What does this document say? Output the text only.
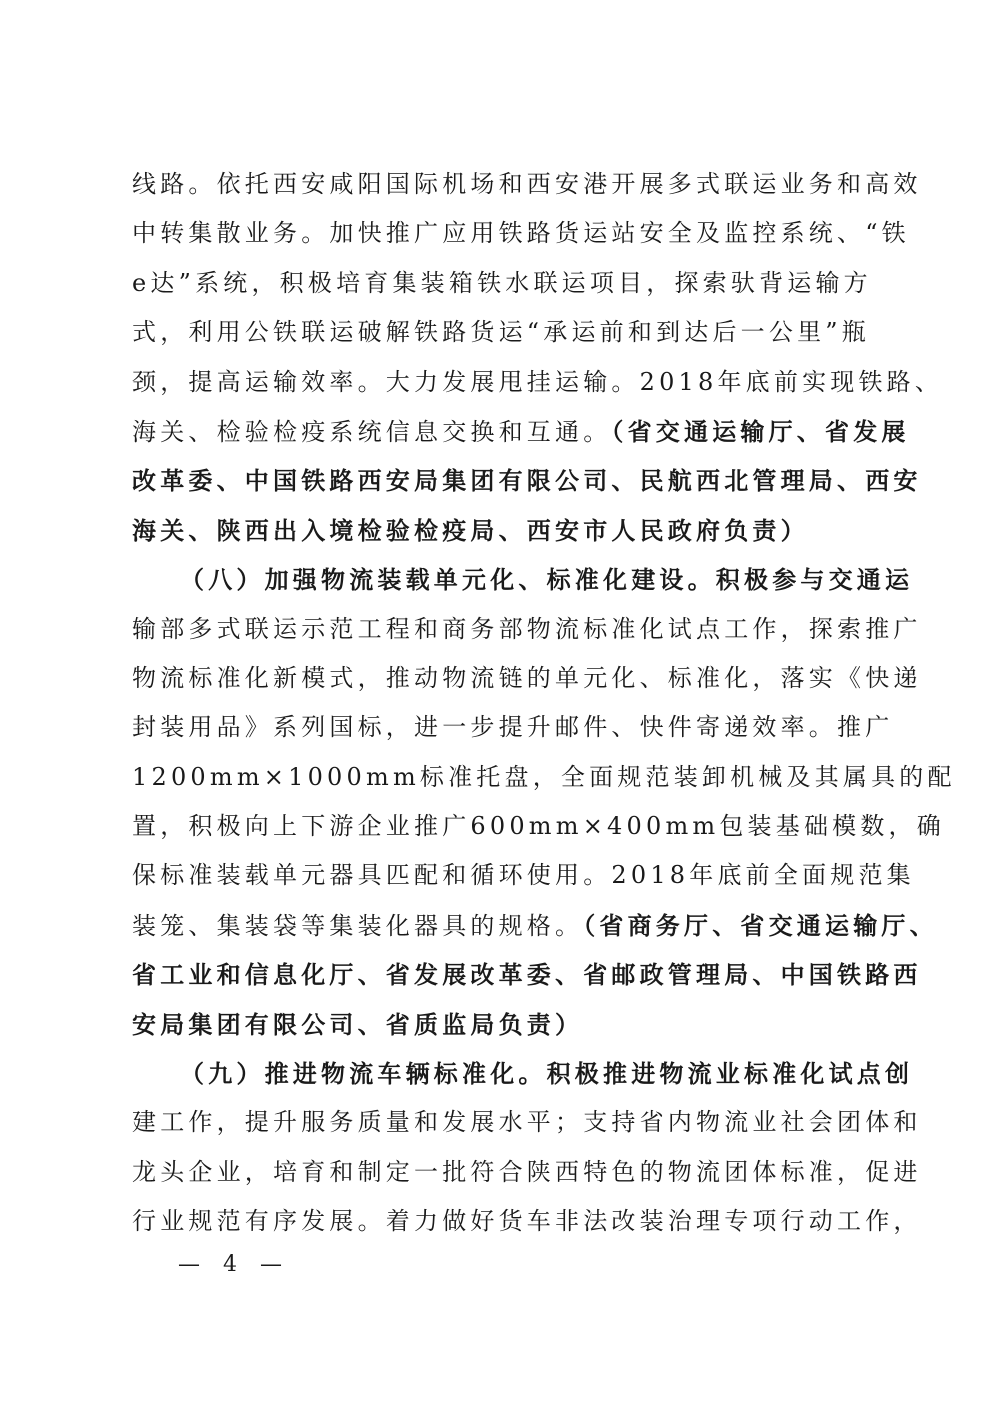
线路。依托西安咸阳国际机场和西安港开展多式联运业务和高效
中转集散业务。加快推广应用铁路货运站安全及监控系统、“铁
e达”系统，积极培育集装箱铁水联运项目，探索驮背运输方
式，利用公铁联运破解铁路货运“承运前和到达后一公里”瓶
颈，提高运输效率。大力发展甩挂运输。2018年底前实现铁路、
海关、检验检疫系统信息交换和互通。（省交通运输厅、省发展
改革委、中国铁路西安局集团有限公司、民航西北管理局、西安
海关、陕西出入境检验检疫局、西安市人民政府负责）
（八）加强物流装载单元化、标准化建设。积极参与交通运
输部多式联运示范工程和商务部物流标准化试点工作，探索推广
物流标准化新模式，推动物流链的单元化、标准化，落实《快递
封装用品》系列国标，进一步提升邮件、快件寄递效率。推广
1200mm×1000mm标准托盘，全面规范装卸机械及其属具的配
置，积极向上下游企业推广600mm×400mm包装基础模数，确
保标准装载单元器具匹配和循环使用。2018年底前全面规范集
装笼、集装袋等集装化器具的规格。（省商务厅、省交通运输厅、
省工业和信息化厅、省发展改革委、省邮政管理局、中国铁路西
安局集团有限公司、省质监局负责）
（九）推进物流车辆标准化。积极推进物流业标准化试点创
建工作，提升服务质量和发展水平；支持省内物流业社会团体和
龙头企业，培育和制定一批符合陕西特色的物流团体标准，促进
行业规范有序发展。着力做好货车非法改装治理专项行动工作，
— 4 —
